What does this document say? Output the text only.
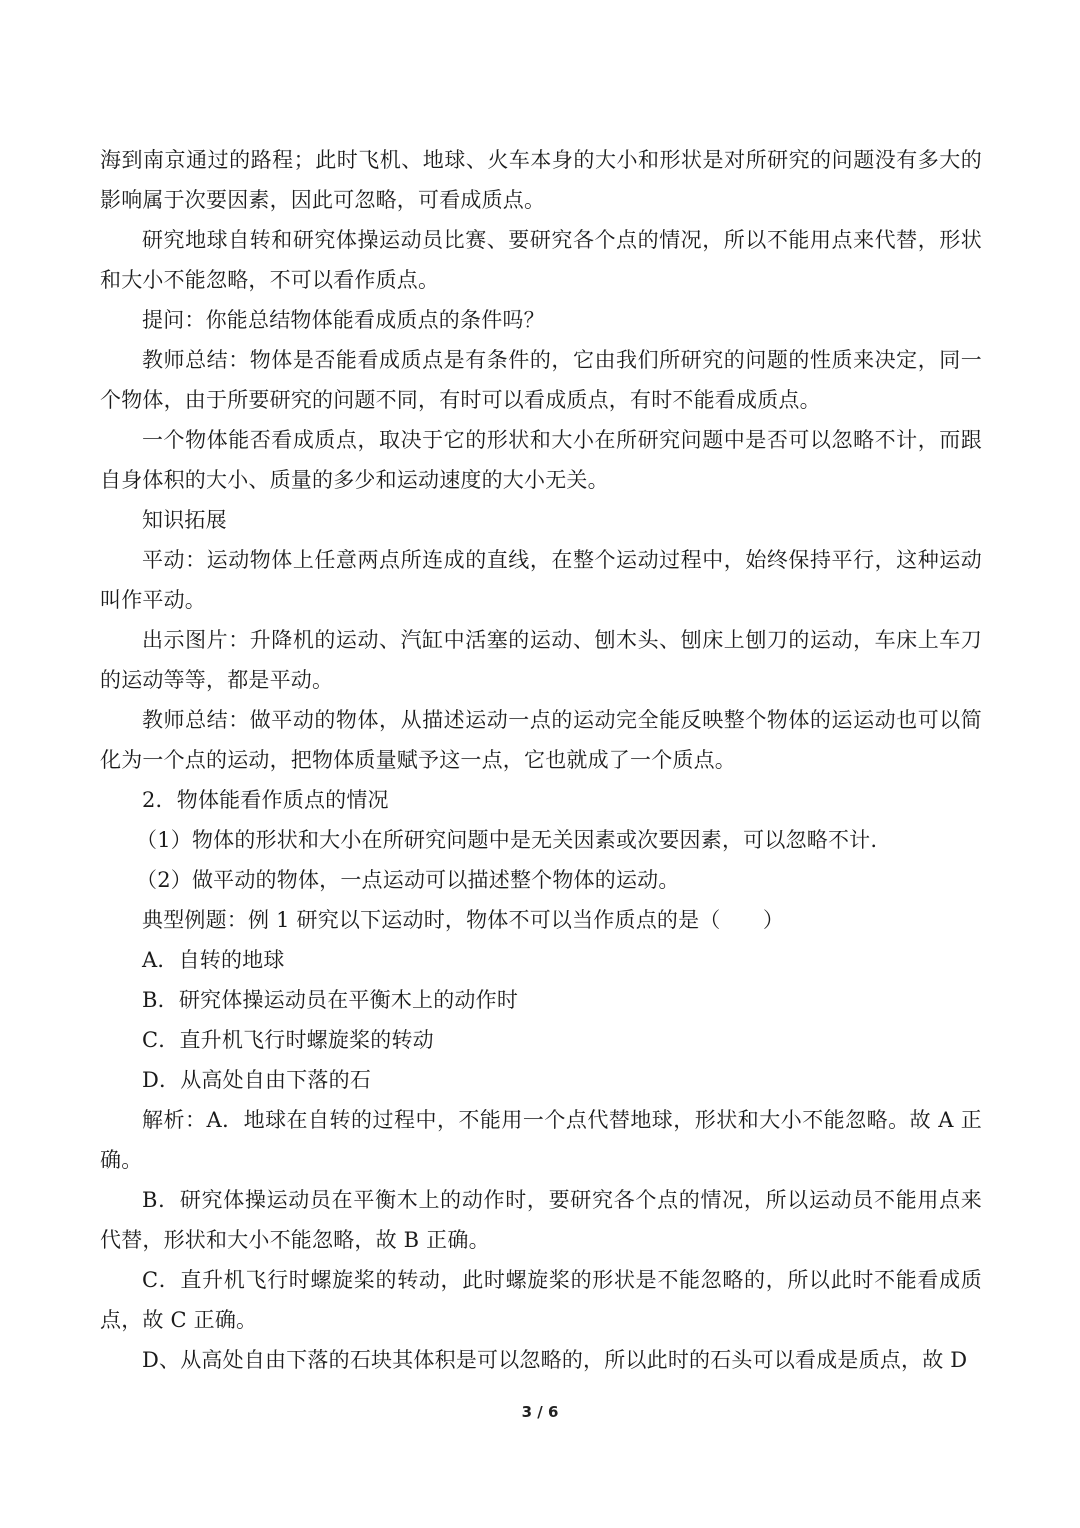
海到南京通过的路程；此时飞机、地球、火车本身的大小和形状是对所研究的问题没有多大的影响属于次要因素，因此可忽略，可看成质点。

研究地球自转和研究体操运动员比赛、要研究各个点的情况，所以不能用点来代替，形状和大小不能忽略，不可以看作质点。

提问：你能总结物体能看成质点的条件吗？

教师总结：物体是否能看成质点是有条件的，它由我们所研究的问题的性质来决定，同一个物体，由于所要研究的问题不同，有时可以看成质点，有时不能看成质点。

一个物体能否看成质点，取决于它的形状和大小在所研究问题中是否可以忽略不计，而跟自身体积的大小、质量的多少和运动速度的大小无关。

知识拓展

平动：运动物体上任意两点所连成的直线，在整个运动过程中，始终保持平行，这种运动叫作平动。

出示图片：升降机的运动、汽缸中活塞的运动、刨木头、刨床上刨刀的运动，车床上车刀的运动等等，都是平动。

教师总结：做平动的物体，从描述运动一点的运动完全能反映整个物体的运运动也可以简化为一个点的运动，把物体质量赋予这一点，它也就成了一个质点。

2．物体能看作质点的情况

（1）物体的形状和大小在所研究问题中是无关因素或次要因素，可以忽略不计.

（2）做平动的物体，一点运动可以描述整个物体的运动。

典型例题：例 1 研究以下运动时，物体不可以当作质点的是（　　）

A．自转的地球

B．研究体操运动员在平衡木上的动作时

C．直升机飞行时螺旋桨的转动

D．从高处自由下落的石

解析：A．地球在自转的过程中，不能用一个点代替地球，形状和大小不能忽略。故 A 正确。

B．研究体操运动员在平衡木上的动作时，要研究各个点的情况，所以运动员不能用点来代替，形状和大小不能忽略，故 B 正确。

C．直升机飞行时螺旋桨的转动，此时螺旋桨的形状是不能忽略的，所以此时不能看成质点，故 C 正确。

D、从高处自由下落的石块其体积是可以忽略的，所以此时的石头可以看成是质点，故 D

3 / 6
